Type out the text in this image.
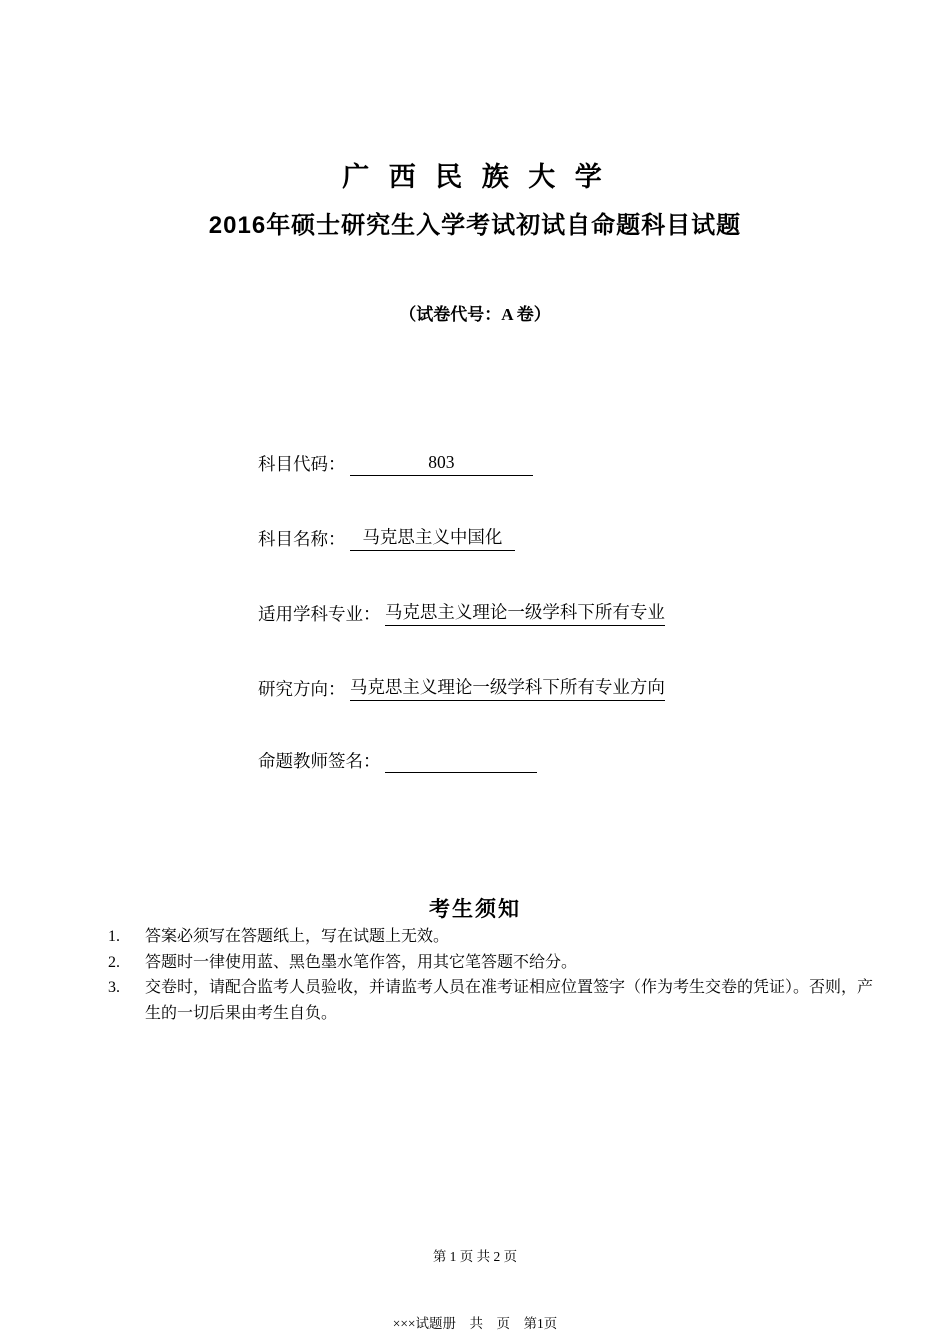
广 西 民 族 大 学
2016年硕士研究生入学考试初试自命题科目试题
（试卷代号：A 卷）
科目代码：	803
科目名称： 马克思主义中国化
适用学科专业： 马克思主义理论一级学科下所有专业
研究方向： 马克思主义理论一级学科下所有专业方向
命题教师签名：
考生须知
1.	答案必须写在答题纸上，写在试题上无效。
2.	答题时一律使用蓝、黑色墨水笔作答，用其它笔答题不给分。
3.	交卷时，请配合监考人员验收，并请监考人员在准考证相应位置签字（作为考生交卷的凭证）。否则，产生的一切后果由考生自负。
第 1 页 共 2 页
×××试题册　共　页　第1页
